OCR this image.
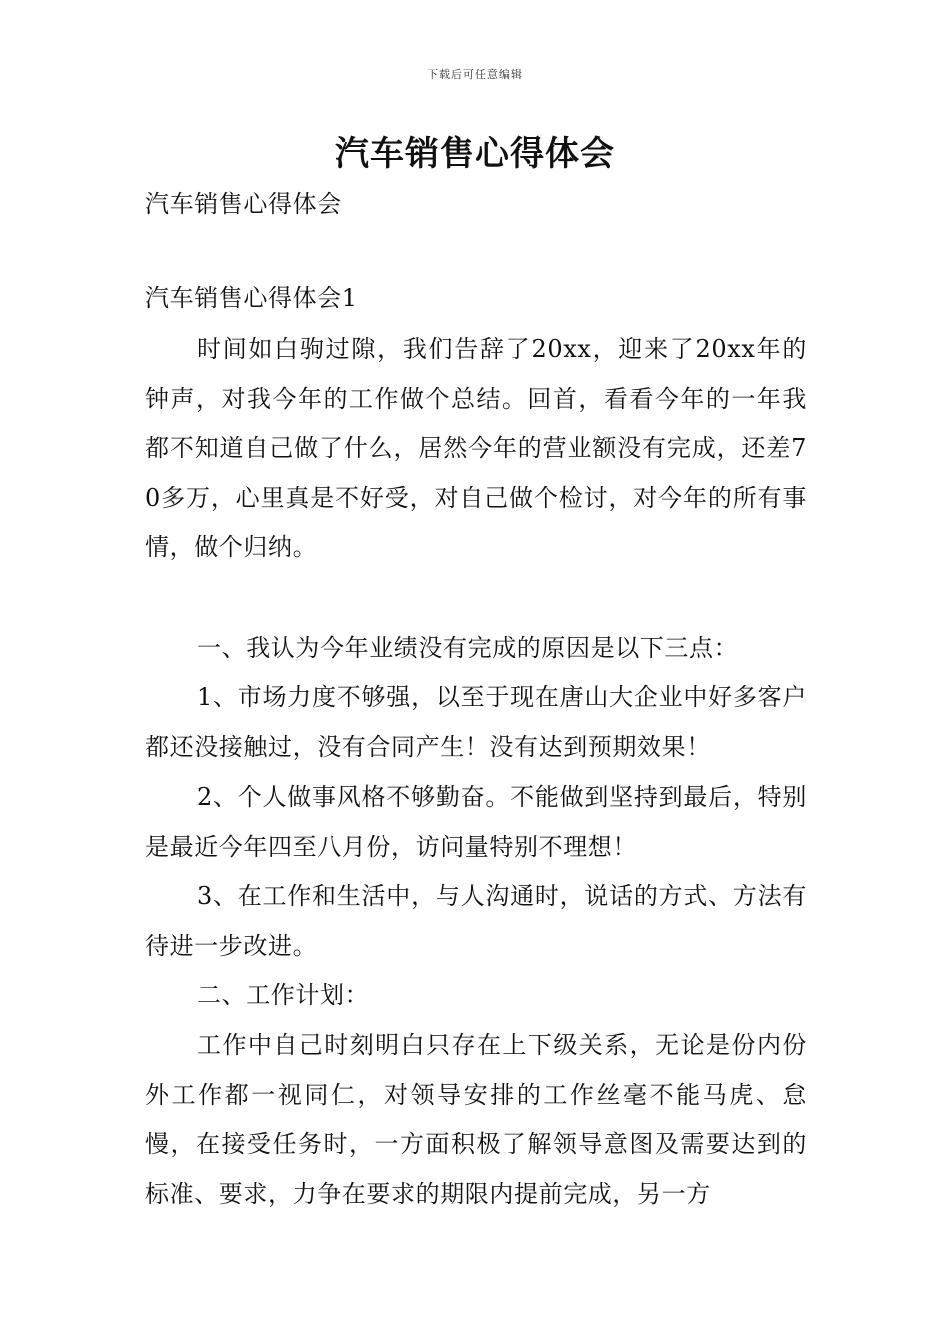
下载后可任意编辑
汽车销售心得体会

汽车销售心得体会

汽车销售心得体会1

时间如白驹过隙，我们告辞了20xx，迎来了20xx年的钟声，对我今年的工作做个总结。回首，看看今年的一年我都不知道自己做了什么，居然今年的营业额没有完成，还差70多万，心里真是不好受，对自己做个检讨，对今年的所有事情，做个归纳。

一、我认为今年业绩没有完成的原因是以下三点：

1、市场力度不够强，以至于现在唐山大企业中好多客户都还没接触过，没有合同产生！没有达到预期效果！

2、个人做事风格不够勤奋。不能做到坚持到最后，特别是最近今年四至八月份，访问量特别不理想！

3、在工作和生活中，与人沟通时，说话的方式、方法有待进一步改进。

二、工作计划：

工作中自己时刻明白只存在上下级关系，无论是份内份外工作都一视同仁，对领导安排的工作丝毫不能马虎、怠慢，在接受任务时，一方面积极了解领导意图及需要达到的标准、要求，力争在要求的期限内提前完成，另一方
